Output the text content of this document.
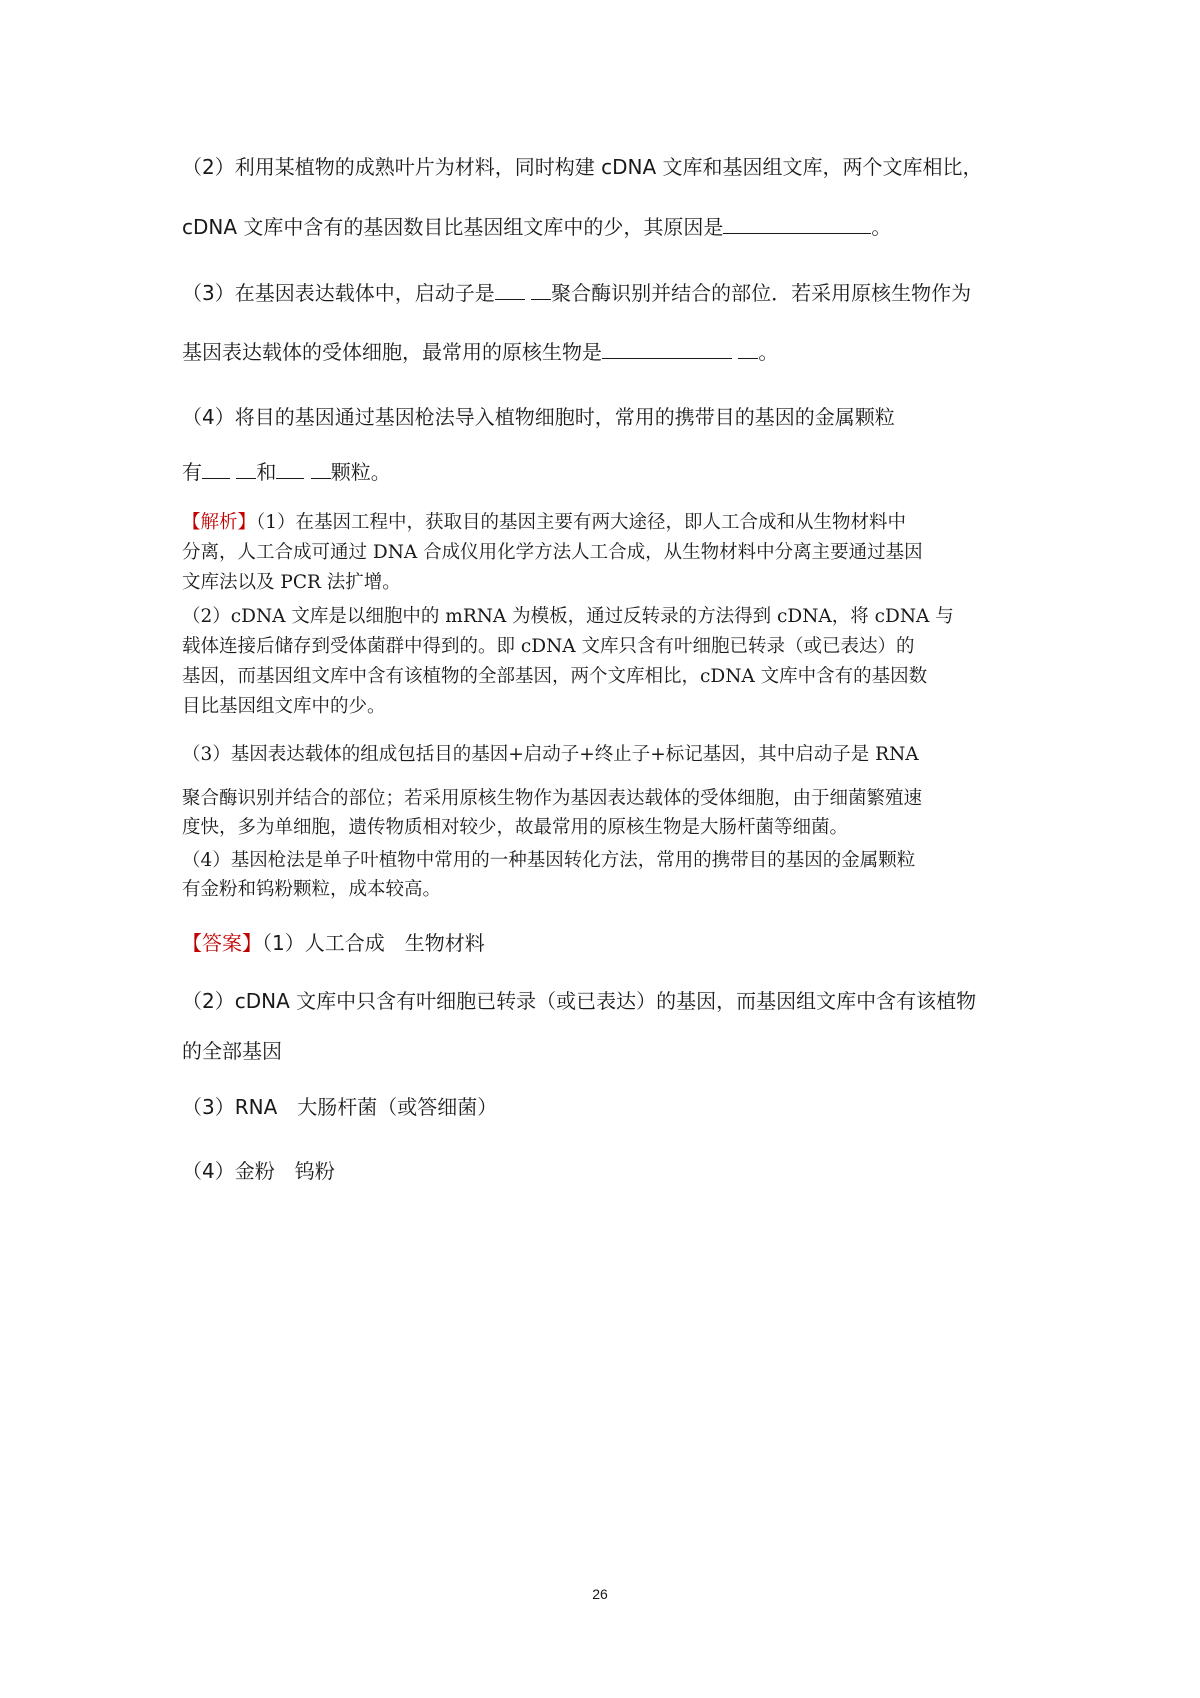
（2）利用某植物的成熟叶片为材料，同时构建 cDNA 文库和基因组文库，两个文库相比，
cDNA 文库中含有的基因数目比基因组文库中的少，其原因是	。
（3）在基因表达载体中，启动子是	聚合酶识别并结合的部位．若采用原核生物作为
基因表达载体的受体细胞，最常用的原核生物是	。
（4）将目的基因通过基因枪法导入植物细胞时，常用的携带目的基因的金属颗粒
有	和	颗粒。
【解析】（1）在基因工程中，获取目的基因主要有两大途径，即人工合成和从生物材料中
分离，人工合成可通过 DNA 合成仪用化学方法人工合成，从生物材料中分离主要通过基因
文库法以及 PCR 法扩增。
（2）cDNA 文库是以细胞中的 mRNA 为模板，通过反转录的方法得到 cDNA，将 cDNA 与
载体连接后储存到受体菌群中得到的。即 cDNA 文库只含有叶细胞已转录（或已表达）的
基因，而基因组文库中含有该植物的全部基因，两个文库相比，cDNA 文库中含有的基因数
目比基因组文库中的少。
（3）基因表达载体的组成包括目的基因+启动子+终止子+标记基因，其中启动子是 RNA
聚合酶识别并结合的部位；若采用原核生物作为基因表达载体的受体细胞，由于细菌繁殖速
度快，多为单细胞，遗传物质相对较少，故最常用的原核生物是大肠杆菌等细菌。
（4）基因枪法是单子叶植物中常用的一种基因转化方法，常用的携带目的基因的金属颗粒
有金粉和钨粉颗粒，成本较高。
【答案】（1）人工合成　生物材料
（2）cDNA 文库中只含有叶细胞已转录（或已表达）的基因，而基因组文库中含有该植物
的全部基因
（3）RNA　大肠杆菌（或答细菌）
（4）金粉　钨粉
26
